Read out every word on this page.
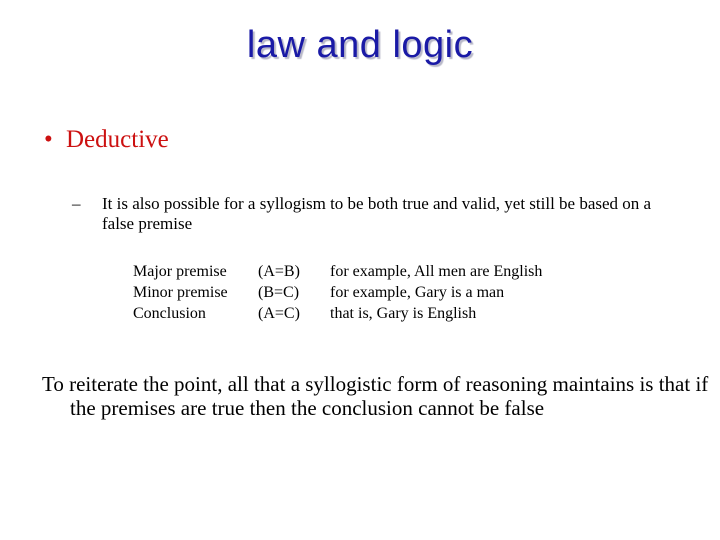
law and logic
• Deductive
– It is also possible for a syllogism to be both true and valid, yet still be based on a false premise
Major premise	(A=B)	for example, All men are English
Minor premise	(B=C)	for example, Gary is a man
Conclusion	(A=C)	that is, Gary is English
To reiterate the point, all that a syllogistic form of reasoning maintains is that if the premises are true then the conclusion cannot be false
